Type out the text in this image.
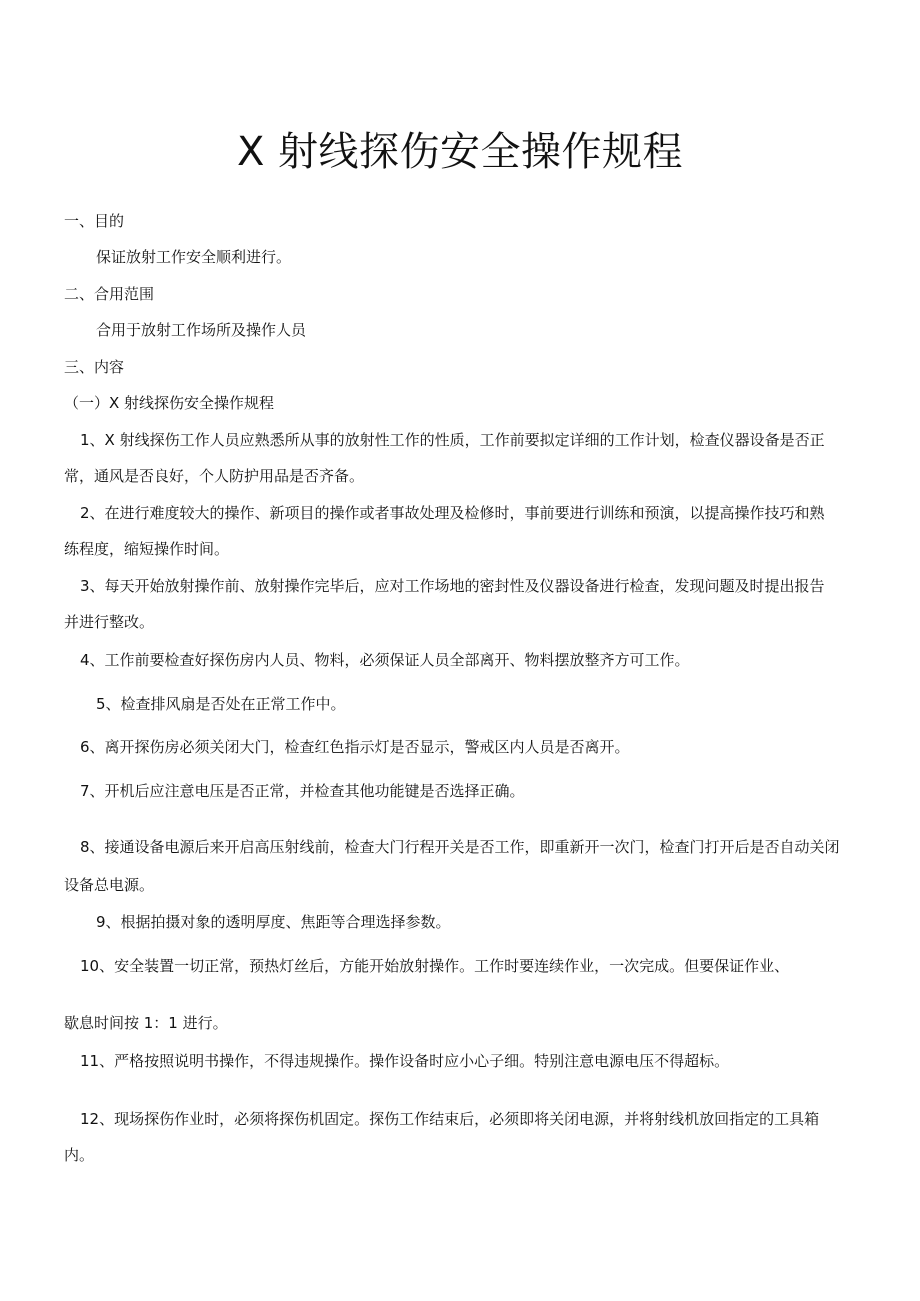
X 射线探伤安全操作规程
一、目的
保证放射工作安全顺利进行。
二、合用范围
合用于放射工作场所及操作人员
三、内容
（一）X 射线探伤安全操作规程
1、X 射线探伤工作人员应熟悉所从事的放射性工作的性质，工作前要拟定详细的工作计划，检查仪器设备是否正
常，通风是否良好，个人防护用品是否齐备。
2、在进行难度较大的操作、新项目的操作或者事故处理及检修时，事前要进行训练和预演，以提高操作技巧和熟
练程度，缩短操作时间。
3、每天开始放射操作前、放射操作完毕后，应对工作场地的密封性及仪器设备进行检查，发现问题及时提出报告
并进行整改。
4、工作前要检查好探伤房内人员、物料，必须保证人员全部离开、物料摆放整齐方可工作。
5、检查排风扇是否处在正常工作中。
6、离开探伤房必须关闭大门，检查红色指示灯是否显示，警戒区内人员是否离开。
7、开机后应注意电压是否正常，并检查其他功能键是否选择正确。
8、接通设备电源后来开启高压射线前，检查大门行程开关是否工作，即重新开一次门，检查门打开后是否自动关闭
设备总电源。
9、根据拍摄对象的透明厚度、焦距等合理选择参数。
10、安全装置一切正常，预热灯丝后，方能开始放射操作。工作时要连续作业，一次完成。但要保证作业、
歇息时间按 1：1 进行。
11、严格按照说明书操作，不得违规操作。操作设备时应小心子细。特别注意电源电压不得超标。
12、现场探伤作业时，必须将探伤机固定。探伤工作结束后，必须即将关闭电源，并将射线机放回指定的工具箱
内。
